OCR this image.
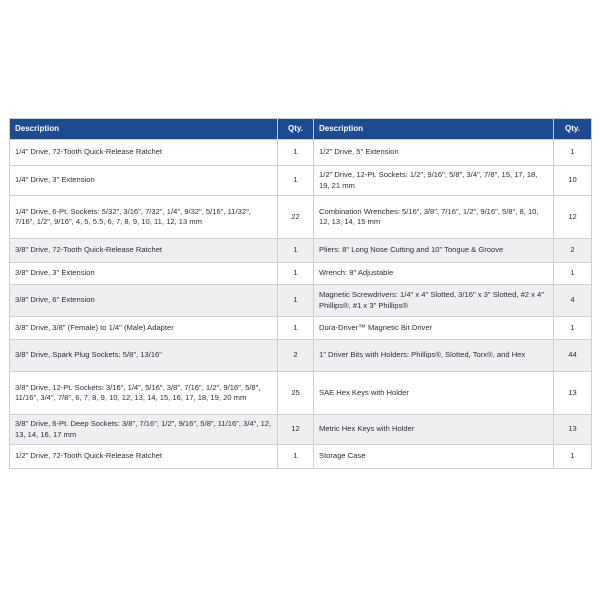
Description	Qty.	Description	Qty.
1/4" Drive, 72-Tooth Quick-Release Ratchet	1	1/2" Drive, 5" Extension	1
1/4" Drive, 3" Extension	1	1/2" Drive, 12-Pt. Sockets: 1/2", 9/16", 5/8", 3/4", 7/8", 15, 17, 18, 19, 21 mm	10
1/4" Drive, 6-Pt. Sockets: 5/32", 3/16", 7/32", 1/4", 9/32", 5/16", 11/32", 7/16", 1/2", 9/16", 4, 5, 5.5, 6, 7, 8, 9, 10, 11, 12, 13 mm	22	Combination Wrenches: 5/16", 3/8", 7/16", 1/2", 9/16", 5/8", 8, 10, 12, 13, 14, 15 mm	12
3/8" Drive, 72-Tooth Quick-Release Ratchet	1	Pliers: 8" Long Nose Cutting and 10" Tongue & Groove	2
3/8" Drive, 3" Extension	1	Wrench: 8" Adjustable	1
3/8" Drive, 6" Extension	1	Magnetic Screwdrivers: 1/4" x 4" Slotted, 3/16" x 3" Slotted, #2 x 4" Phillips®, #1 x 3" Phillips®	4
3/8" Drive, 3/8" (Female) to 1/4" (Male) Adapter	1	Dura-Driver™ Magnetic Bit Driver	1
3/8" Drive, Spark Plug Sockets: 5/8", 13/16"	2	1" Driver Bits with Holders: Phillips®, Slotted, Torx®, and Hex	44
3/8" Drive, 12-Pt. Sockets: 3/16", 1/4", 5/16", 3/8", 7/16", 1/2", 9/16", 5/8", 11/16", 3/4", 7/8", 6, 7, 8, 9, 10, 12, 13, 14, 15, 16, 17, 18, 19, 20 mm	25	SAE Hex Keys with Holder	13
3/8" Drive, 6-Pt. Deep Sockets: 3/8", 7/16", 1/2", 9/16", 5/8", 11/16", 3/4", 12, 13, 14, 16, 17 mm	12	Metric Hex Keys with Holder	13
1/2" Drive, 72-Tooth Quick-Release Ratchet	1	Storage Case	1
